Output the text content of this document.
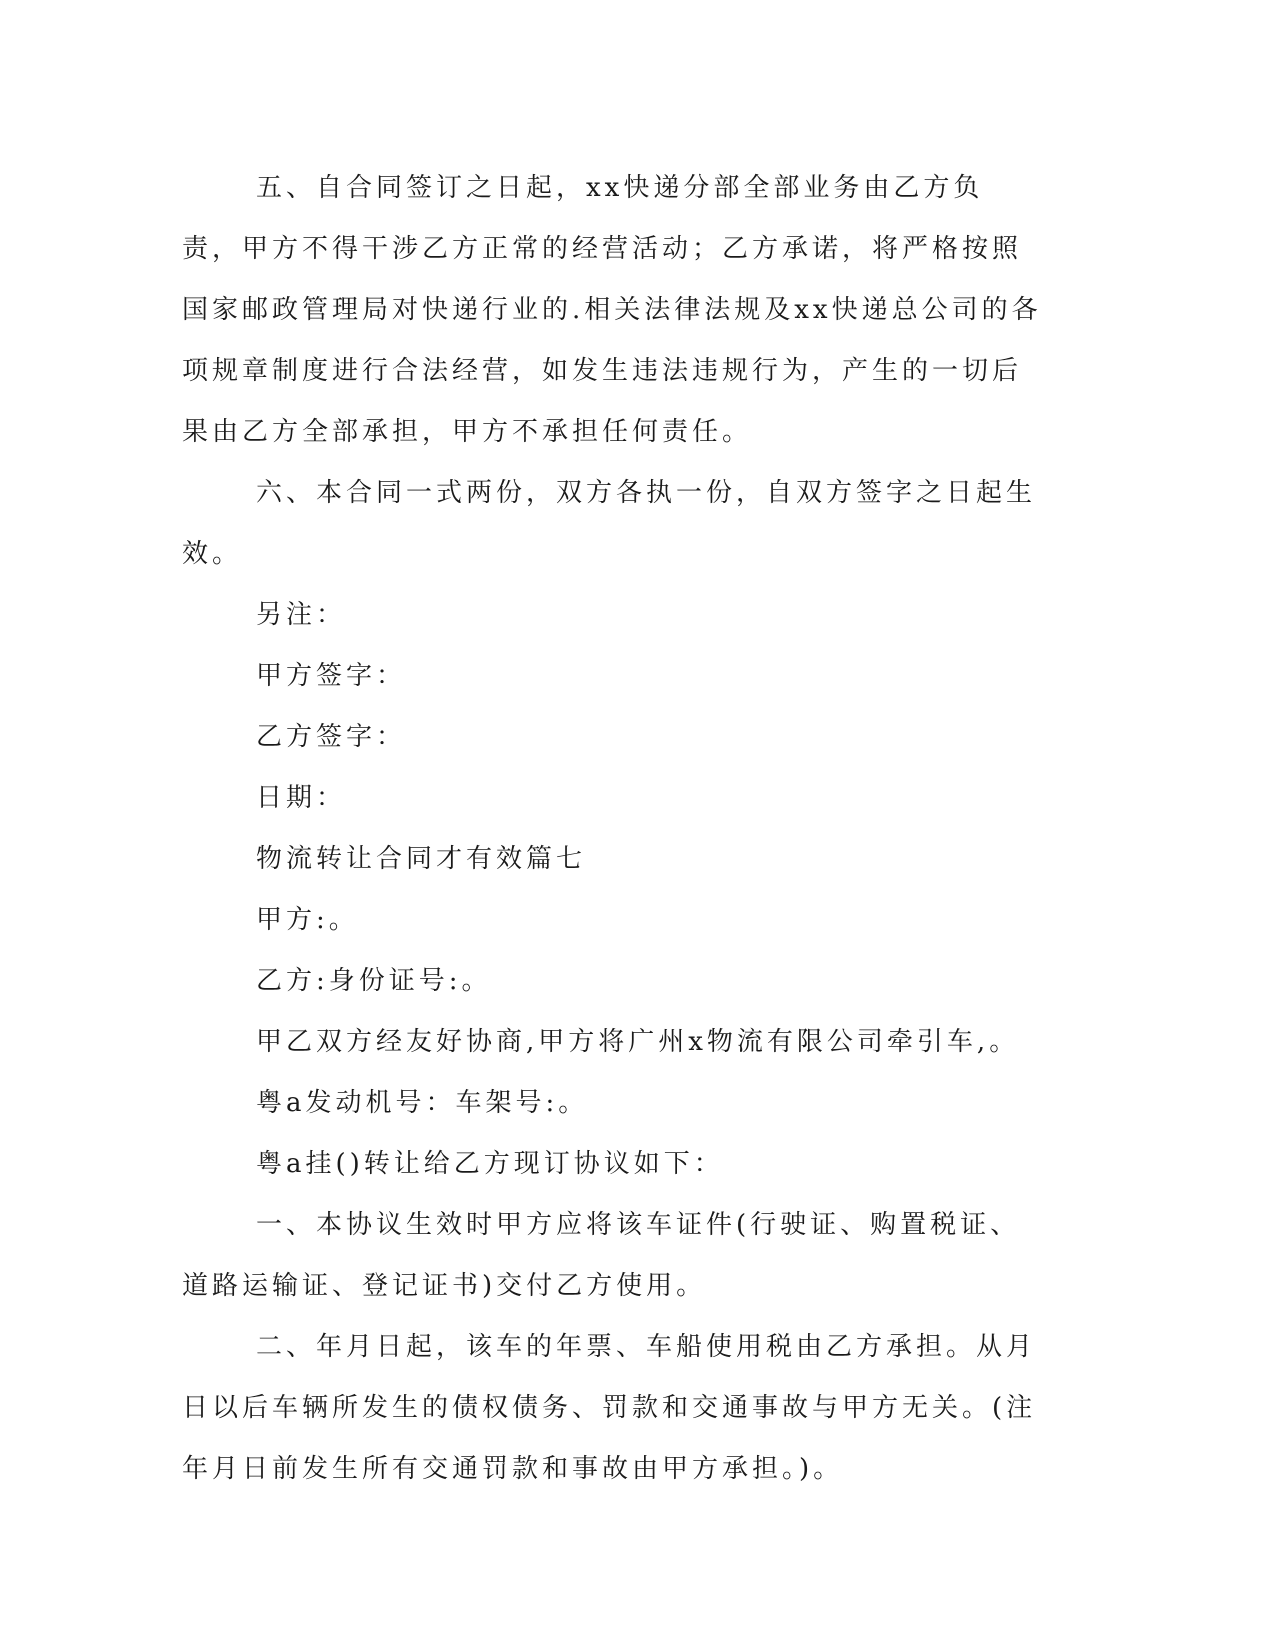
五、自合同签订之日起，xx快递分部全部业务由乙方负责，甲方不得干涉乙方正常的经营活动；乙方承诺，将严格按照国家邮政管理局对快递行业的.相关法律法规及xx快递总公司的各项规章制度进行合法经营，如发生违法违规行为，产生的一切后果由乙方全部承担，甲方不承担任何责任。

六、本合同一式两份，双方各执一份，自双方签字之日起生效。

另注：

甲方签字：

乙方签字：

日期：

物流转让合同才有效篇七

甲方:。

乙方:身份证号:。

甲乙双方经友好协商,甲方将广州x物流有限公司牵引车,。

粤a发动机号：车架号:。

粤a挂()转让给乙方现订协议如下：

一、本协议生效时甲方应将该车证件(行驶证、购置税证、道路运输证、登记证书)交付乙方使用。

二、年月日起，该车的年票、车船使用税由乙方承担。从月日以后车辆所发生的债权债务、罚款和交通事故与甲方无关。(注年月日前发生所有交通罚款和事故由甲方承担。)。
